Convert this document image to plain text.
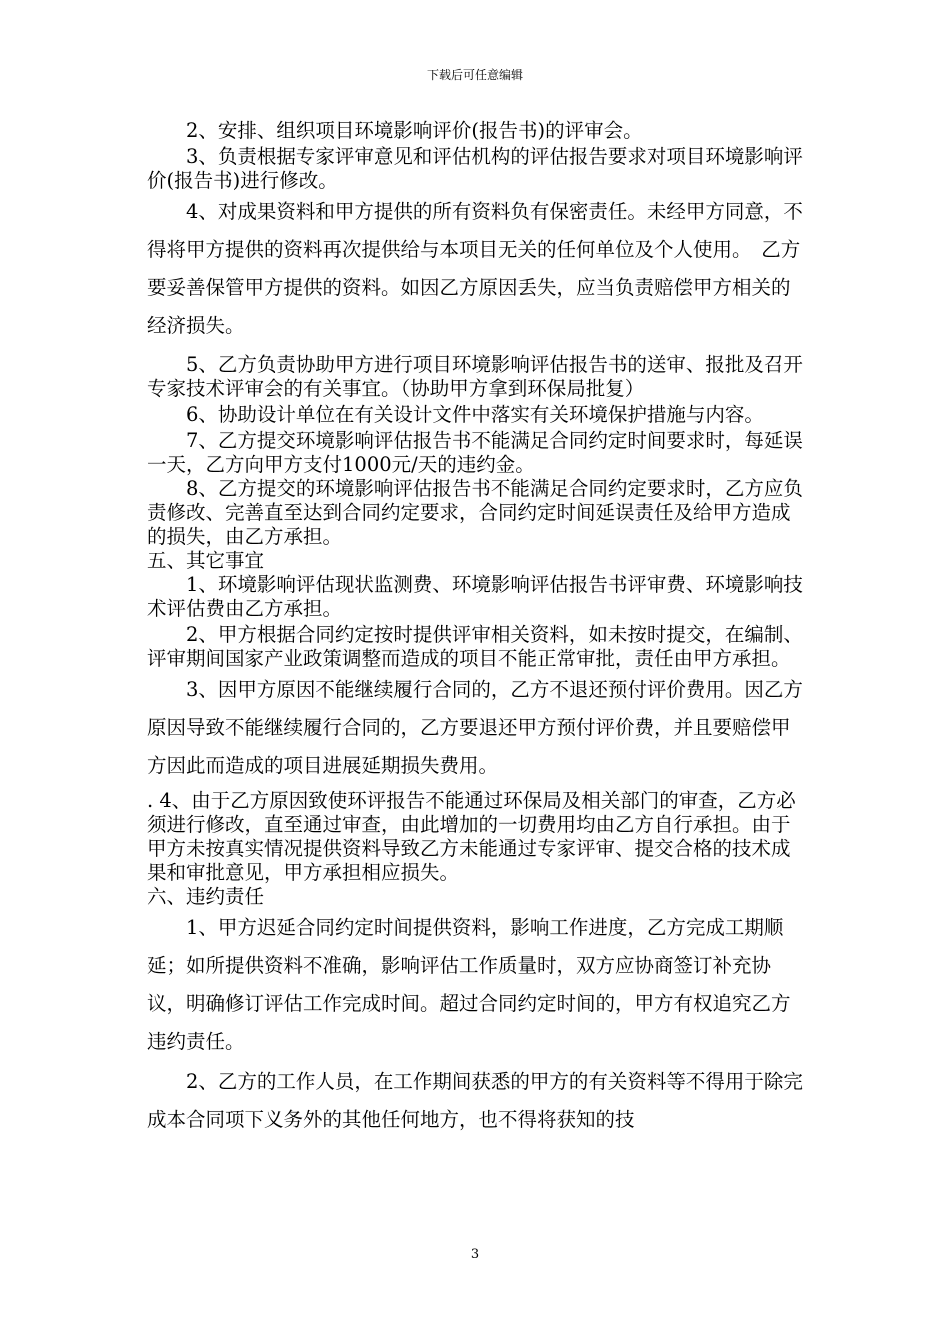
下载后可任意编辑

2、安排、组织项目环境影响评价(报告书)的评审会。

3、负责根据专家评审意见和评估机构的评估报告要求对项目环境影响评价(报告书)进行修改。

4、对成果资料和甲方提供的所有资料负有保密责任。未经甲方同意，不得将甲方提供的资料再次提供给与本项目无关的任何单位及个人使用。　乙方要妥善保管甲方提供的资料。如因乙方原因丢失，应当负责赔偿甲方相关的经济损失。

5、乙方负责协助甲方进行项目环境影响评估报告书的送审、报批及召开专家技术评审会的有关事宜。（协助甲方拿到环保局批复）

6、协助设计单位在有关设计文件中落实有关环境保护措施与内容。

7、乙方提交环境影响评估报告书不能满足合同约定时间要求时，每延误一天，乙方向甲方支付1000元/天的违约金。

8、乙方提交的环境影响评估报告书不能满足合同约定要求时，乙方应负责修改、完善直至达到合同约定要求，合同约定时间延误责任及给甲方造成的损失，由乙方承担。

五、其它事宜

1、环境影响评估现状监测费、环境影响评估报告书评审费、环境影响技术评估费由乙方承担。

2、甲方根据合同约定按时提供评审相关资料，如未按时提交，在编制、评审期间国家产业政策调整而造成的项目不能正常审批，责任由甲方承担。

3、因甲方原因不能继续履行合同的，乙方不退还预付评价费用。因乙方原因导致不能继续履行合同的，乙方要退还甲方预付评价费，并且要赔偿甲方因此而造成的项目进展延期损失费用。

. 4、由于乙方原因致使环评报告不能通过环保局及相关部门的审查，乙方必须进行修改，直至通过审查，由此增加的一切费用均由乙方自行承担。由于甲方未按真实情况提供资料导致乙方未能通过专家评审、提交合格的技术成果和审批意见，甲方承担相应损失。

六、违约责任

1、甲方迟延合同约定时间提供资料，影响工作进度，乙方完成工期顺延；如所提供资料不准确，影响评估工作质量时，双方应协商签订补充协议，明确修订评估工作完成时间。超过合同约定时间的，甲方有权追究乙方违约责任。

2、乙方的工作人员，在工作期间获悉的甲方的有关资料等不得用于除完成本合同项下义务外的其他任何地方，也不得将获知的技

3
